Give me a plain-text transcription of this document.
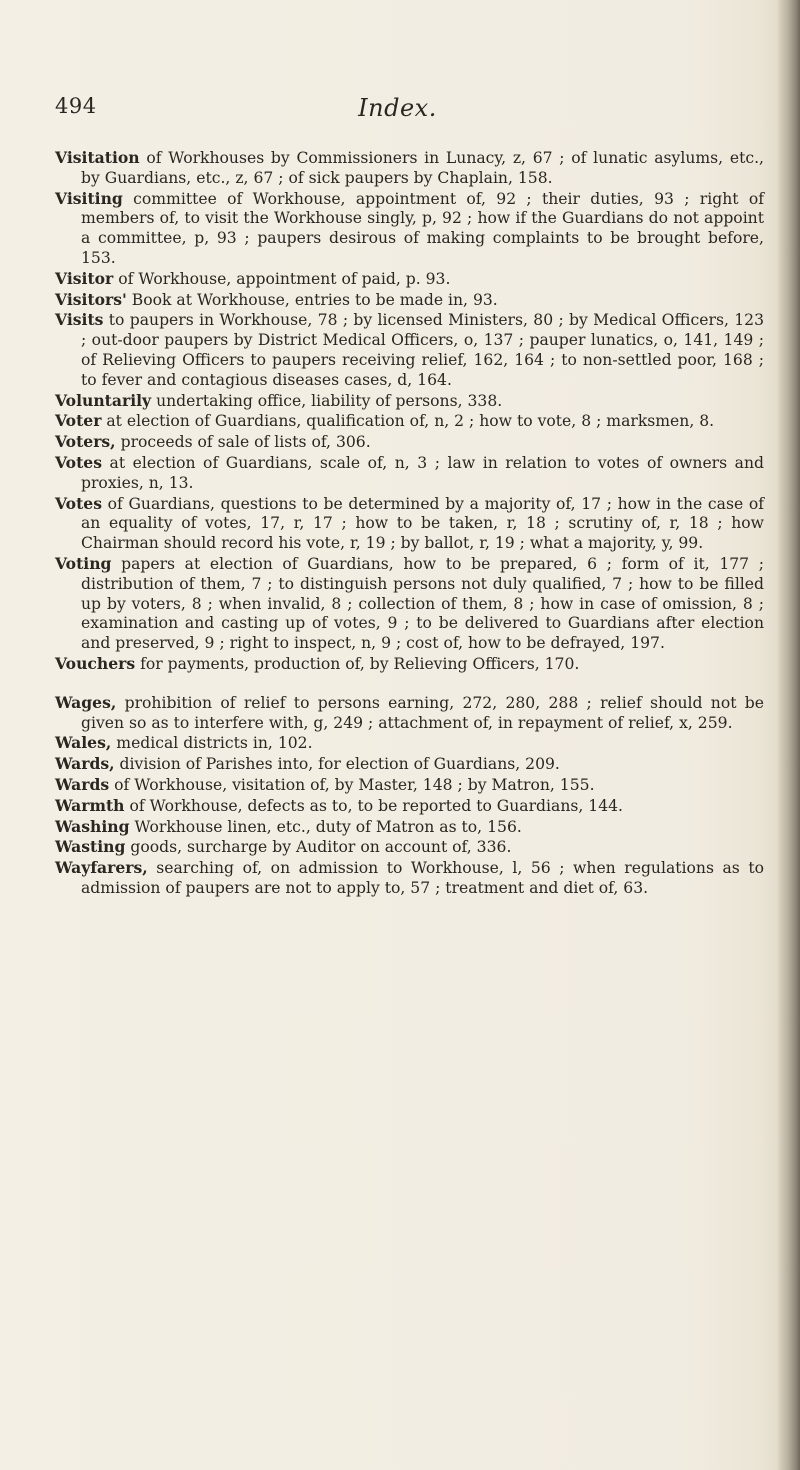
494	Index.

Visitation of Workhouses by Commissioners in Lunacy, z, 67 ; of lunatic asylums, etc., by Guardians, etc., z, 67 ; of sick paupers by Chaplain, 158.

Visiting committee of Workhouse, appointment of, 92 ; their duties, 93 ; right of members of, to visit the Workhouse singly, p, 92 ; how if the Guardians do not appoint a committee, p, 93 ; paupers desirous of making complaints to be brought before, 153.

Visitor of Workhouse, appointment of paid, p. 93.

Visitors' Book at Workhouse, entries to be made in, 93.

Visits to paupers in Workhouse, 78 ; by licensed Ministers, 80 ; by Medical Officers, 123 ; out-door paupers by District Medical Officers, o, 137 ; pauper lunatics, o, 141, 149 ; of Relieving Officers to paupers receiving relief, 162, 164 ; to non-settled poor, 168 ; to fever and contagious diseases cases, d, 164.

Voluntarily undertaking office, liability of persons, 338.

Voter at election of Guardians, qualification of, n, 2 ; how to vote, 8 ; marksmen, 8.

Voters, proceeds of sale of lists of, 306.

Votes at election of Guardians, scale of, n, 3 ; law in relation to votes of owners and proxies, n, 13.

Votes of Guardians, questions to be determined by a majority of, 17 ; how in the case of an equality of votes, 17, r, 17 ; how to be taken, r, 18 ; scrutiny of, r, 18 ; how Chairman should record his vote, r, 19 ; by ballot, r, 19 ; what a majority, y, 99.

Voting papers at election of Guardians, how to be prepared, 6 ; form of it, 177 ; distribution of them, 7 ; to distinguish persons not duly qualified, 7 ; how to be filled up by voters, 8 ; when invalid, 8 ; collection of them, 8 ; how in case of omission, 8 ; examination and casting up of votes, 9 ; to be delivered to Guardians after election and preserved, 9 ; right to inspect, n, 9 ; cost of, how to be defrayed, 197.

Vouchers for payments, production of, by Relieving Officers, 170.

Wages, prohibition of relief to persons earning, 272, 280, 288 ; relief should not be given so as to interfere with, g, 249 ; attachment of, in repayment of relief, x, 259.

Wales, medical districts in, 102.

Wards, division of Parishes into, for election of Guardians, 209.

Wards of Workhouse, visitation of, by Master, 148 ; by Matron, 155.

Warmth of Workhouse, defects as to, to be reported to Guardians, 144.

Washing Workhouse linen, etc., duty of Matron as to, 156.

Wasting goods, surcharge by Auditor on account of, 336.

Wayfarers, searching of, on admission to Workhouse, l, 56 ; when regulations as to admission of paupers are not to apply to, 57 ; treatment and diet of, 63.
